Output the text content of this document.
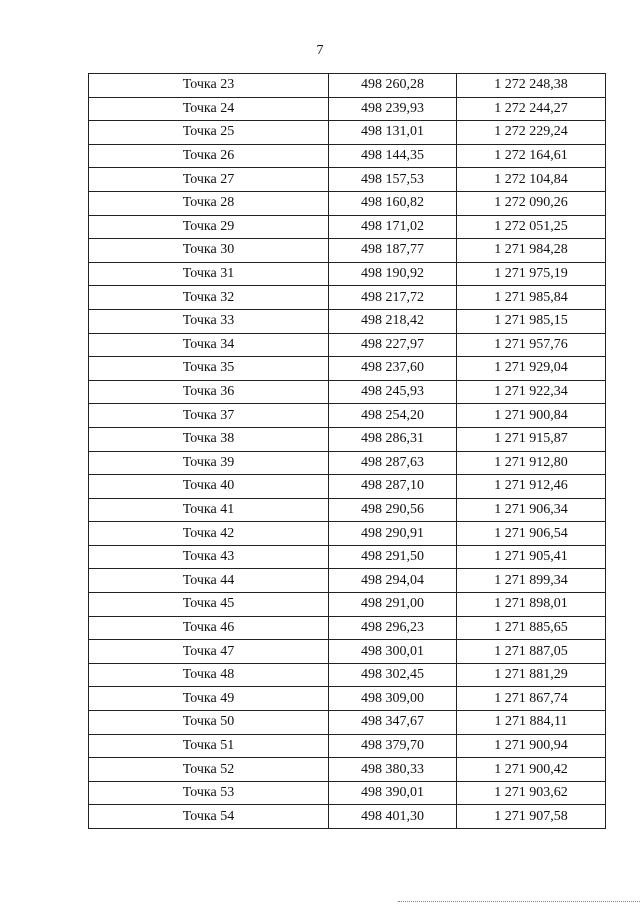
7
Точка 23	498 260,28	1 272 248,38
Точка 24	498 239,93	1 272 244,27
Точка 25	498 131,01	1 272 229,24
Точка 26	498 144,35	1 272 164,61
Точка 27	498 157,53	1 272 104,84
Точка 28	498 160,82	1 272 090,26
Точка 29	498 171,02	1 272 051,25
Точка 30	498 187,77	1 271 984,28
Точка 31	498 190,92	1 271 975,19
Точка 32	498 217,72	1 271 985,84
Точка 33	498 218,42	1 271 985,15
Точка 34	498 227,97	1 271 957,76
Точка 35	498 237,60	1 271 929,04
Точка 36	498 245,93	1 271 922,34
Точка 37	498 254,20	1 271 900,84
Точка 38	498 286,31	1 271 915,87
Точка 39	498 287,63	1 271 912,80
Точка 40	498 287,10	1 271 912,46
Точка 41	498 290,56	1 271 906,34
Точка 42	498 290,91	1 271 906,54
Точка 43	498 291,50	1 271 905,41
Точка 44	498 294,04	1 271 899,34
Точка 45	498 291,00	1 271 898,01
Точка 46	498 296,23	1 271 885,65
Точка 47	498 300,01	1 271 887,05
Точка 48	498 302,45	1 271 881,29
Точка 49	498 309,00	1 271 867,74
Точка 50	498 347,67	1 271 884,11
Точка 51	498 379,70	1 271 900,94
Точка 52	498 380,33	1 271 900,42
Точка 53	498 390,01	1 271 903,62
Точка 54	498 401,30	1 271 907,58
